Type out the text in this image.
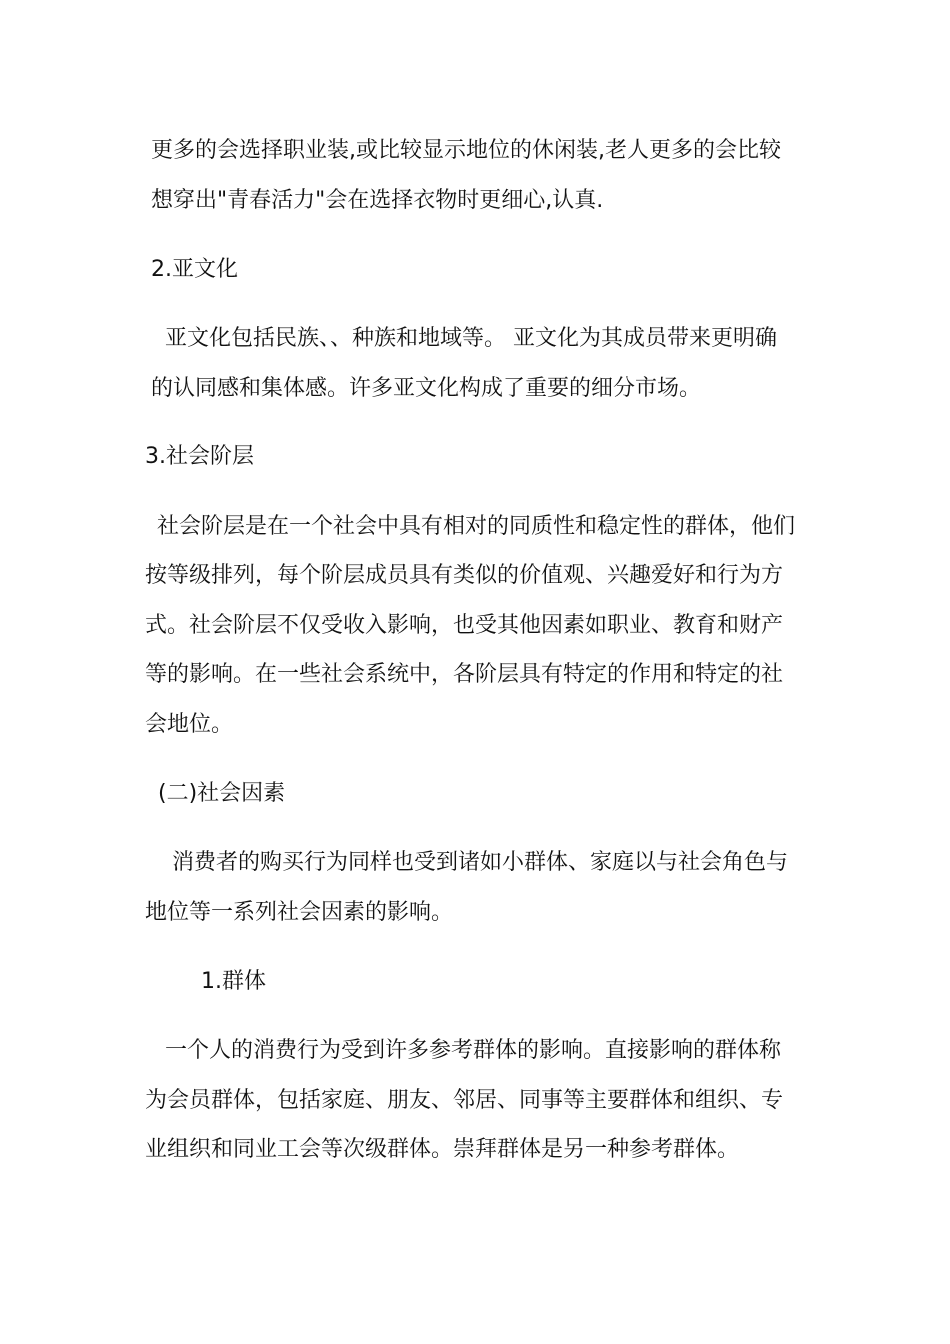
更多的会选择职业装,或比较显示地位的休闲装,老人更多的会比较
想穿出"青春活力"会在选择衣物时更细心,认真.
2.亚文化
亚文化包括民族、、种族和地域等。 亚文化为其成员带来更明确
的认同感和集体感。许多亚文化构成了重要的细分市场。
3.社会阶层
社会阶层是在一个社会中具有相对的同质性和稳定性的群体，他们
按等级排列，每个阶层成员具有类似的价值观、兴趣爱好和行为方
式。社会阶层不仅受收入影响，也受其他因素如职业、教育和财产
等的影响。在一些社会系统中，各阶层具有特定的作用和特定的社
会地位。
(二)社会因素
消费者的购买行为同样也受到诸如小群体、家庭以与社会角色与
地位等一系列社会因素的影响。
1.群体
一个人的消费行为受到许多参考群体的影响。直接影响的群体称
为会员群体，包括家庭、朋友、邻居、同事等主要群体和组织、专
业组织和同业工会等次级群体。崇拜群体是另一种参考群体。
